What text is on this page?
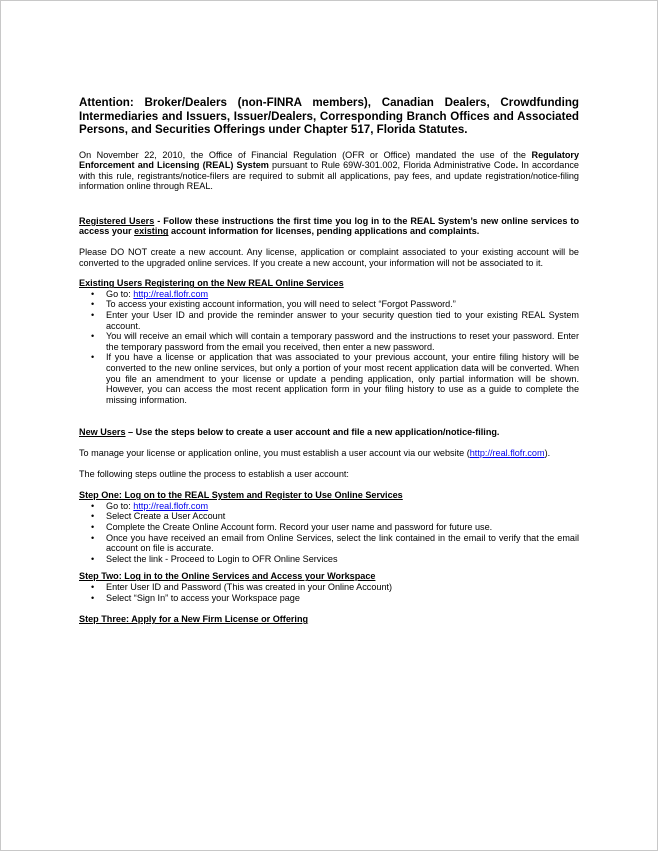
Attention: Broker/Dealers (non-FINRA members), Canadian Dealers, Crowdfunding Intermediaries and Issuers, Issuer/Dealers, Corresponding Branch Offices and Associated Persons, and Securities Offerings under Chapter 517, Florida Statutes.

On November 22, 2010, the Office of Financial Regulation (OFR or Office) mandated the use of the Regulatory Enforcement and Licensing (REAL) System pursuant to Rule 69W-301.002, Florida Administrative Code. In accordance with this rule, registrants/notice-filers are required to submit all applications, pay fees, and update registration/notice-filing information online through REAL.

Registered Users - Follow these instructions the first time you log in to the REAL System’s new online services to access your existing account information for licenses, pending applications and complaints.

Please DO NOT create a new account. Any license, application or complaint associated to your existing account will be converted to the upgraded online services. If you create a new account, your information will not be associated to it.

Existing Users Registering on the New REAL Online Services

• Go to: http://real.flofr.com
• To access your existing account information, you will need to select “Forgot Password.”
• Enter your User ID and provide the reminder answer to your security question tied to your existing REAL System account.
• You will receive an email which will contain a temporary password and the instructions to reset your password. Enter the temporary password from the email you received, then enter a new password.
• If you have a license or application that was associated to your previous account, your entire filing history will be converted to the new online services, but only a portion of your most recent application data will be converted. When you file an amendment to your license or update a pending application, only partial information will be shown. However, you can access the most recent application form in your filing history to use as a guide to complete the missing information.

New Users – Use the steps below to create a user account and file a new application/notice-filing.

To manage your license or application online, you must establish a user account via our website (http://real.flofr.com).

The following steps outline the process to establish a user account:

Step One: Log on to the REAL System and Register to Use Online Services

• Go to: http://real.flofr.com
• Select Create a User Account
• Complete the Create Online Account form. Record your user name and password for future use.
• Once you have received an email from Online Services, select the link contained in the email to verify that the email account on file is accurate.
• Select the link - Proceed to Login to OFR Online Services

Step Two: Log in to the Online Services and Access your Workspace

• Enter User ID and Password (This was created in your Online Account)
• Select “Sign In” to access your Workspace page

Step Three: Apply for a New Firm License or Offering
